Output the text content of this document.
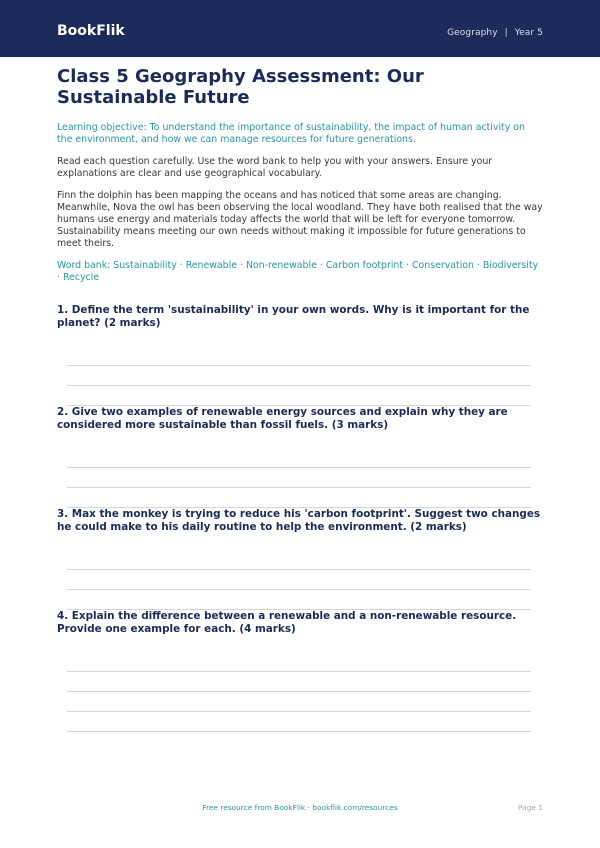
BookFlik	Geography | Year 5
Class 5 Geography Assessment: Our Sustainable Future

Learning objective: To understand the importance of sustainability, the impact of human activity on the environment, and how we can manage resources for future generations.

Read each question carefully. Use the word bank to help you with your answers. Ensure your explanations are clear and use geographical vocabulary.

Finn the dolphin has been mapping the oceans and has noticed that some areas are changing. Meanwhile, Nova the owl has been observing the local woodland. They have both realised that the way humans use energy and materials today affects the world that will be left for everyone tomorrow. Sustainability means meeting our own needs without making it impossible for future generations to meet theirs.

Word bank: Sustainability · Renewable · Non-renewable · Carbon footprint · Conservation · Biodiversity · Recycle

1. Define the term 'sustainability' in your own words. Why is it important for the planet? (2 marks)
2. Give two examples of renewable energy sources and explain why they are considered more sustainable than fossil fuels. (3 marks)
3. Max the monkey is trying to reduce his 'carbon footprint'. Suggest two changes he could make to his daily routine to help the environment. (2 marks)
4. Explain the difference between a renewable and a non-renewable resource. Provide one example for each. (4 marks)
Free resource from BookFlik · bookflik.com/resources	Page 1
